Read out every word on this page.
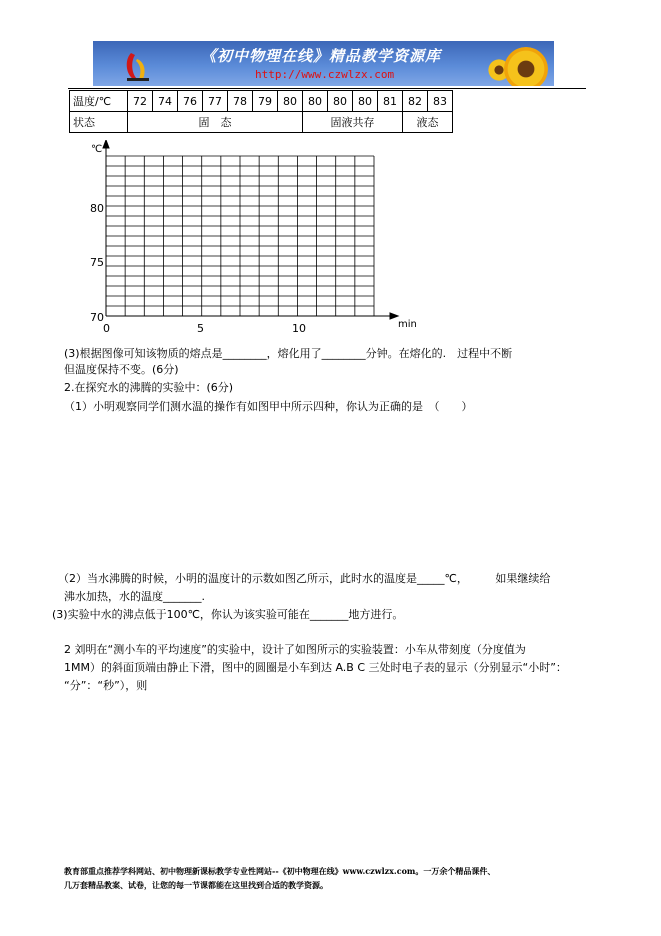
《初中物理在线》精品教学资源库
http://www.czwlzx.com
温度/℃	72	74	76	77	78	79	80	80	80	80	81	82	83
状态	固　态							固液共存				液态	
℃
min
80
75
70
0	5	10
(3)根据图像可知该物质的熔点是________，熔化用了________分钟。在熔化的.　过程中不断
但温度保持不变。(6分)
2.在探究水的沸腾的实验中：(6分)
（1）小明观察同学们测水温的操作有如图甲中所示四种，你认为正确的是　（　　）
（2）当水沸腾的时候，小明的温度计的示数如图乙所示，此时水的温度是_____℃，　　　如果继续给
沸水加热，水的温度_______.
(3)实验中水的沸点低于100℃，你认为该实验可能在_______地方进行。
2 刘明在“测小车的平均速度”的实验中，设计了如图所示的实验装置：小车从带刻度（分度值为
1MM）的斜面顶端由静止下滑，图中的圆圈是小车到达 A.B C 三处时电子表的显示（分别显示“小时”：
“分”：“秒”），则
教育部重点推荐学科网站、初中物理新课标教学专业性网站--《初中物理在线》www.czwlzx.com。一万余个精品课件、
几万套精品教案、试卷，让您的每一节课都能在这里找到合适的教学资源。
